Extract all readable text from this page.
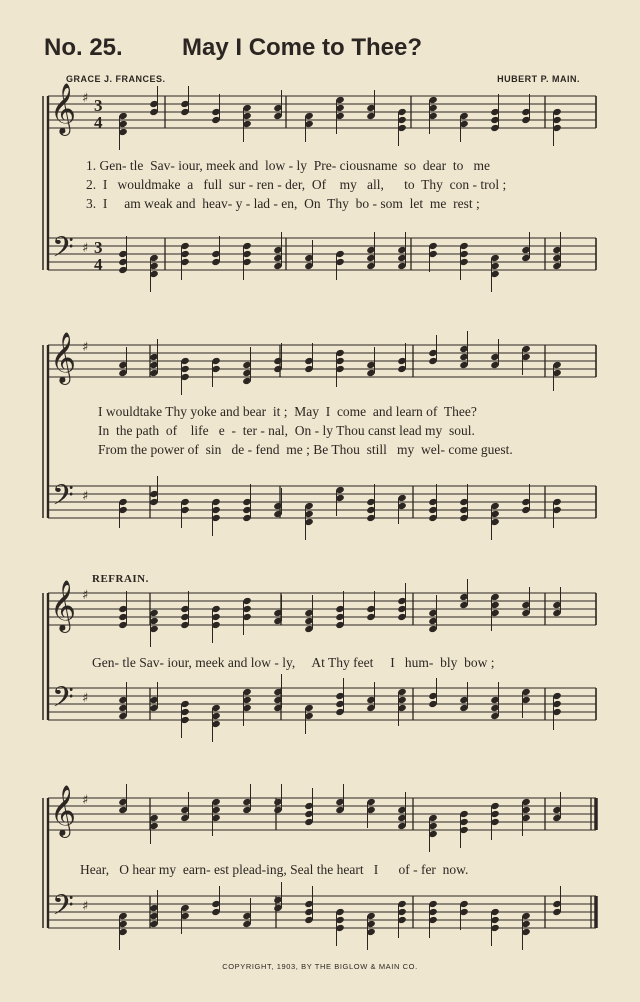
No. 25. May I Come to Thee?
GRACE J. FRANCES.	HUBERT P. MAIN.
𝄞
𝄢
♯
♯
3
4
3
4
𝄞
𝄢
♯
♯
𝄞
𝄢
♯
♯
𝄞
𝄢
♯
♯
1. Gen- tle  Sav- iour, meek and  low - ly  Pre- ciousname  so  dear  to   me
2.  I   wouldmake  a   full  sur - ren - der,  Of    my   all,      to  Thy  con - trol ;
3.  I     am weak and  heav- y - lad - en,  On  Thy  bo - som  let  me  rest ;
I wouldtake Thy yoke and bear  it ;  May  I  come  and learn of  Thee?
In  the path  of    life   e  -  ter - nal,  On - ly Thou canst lead my  soul.
From the power of  sin   de - fend  me ; Be Thou  still   my  wel- come guest.
REFRAIN.
Gen- tle Sav- iour, meek and low - ly,     At Thy feet     I   hum-  bly  bow ;
Hear,   O hear my  earn- est plead-ing, Seal the heart   I      of - fer  now.
COPYRIGHT, 1903, BY THE BIGLOW & MAIN CO.
